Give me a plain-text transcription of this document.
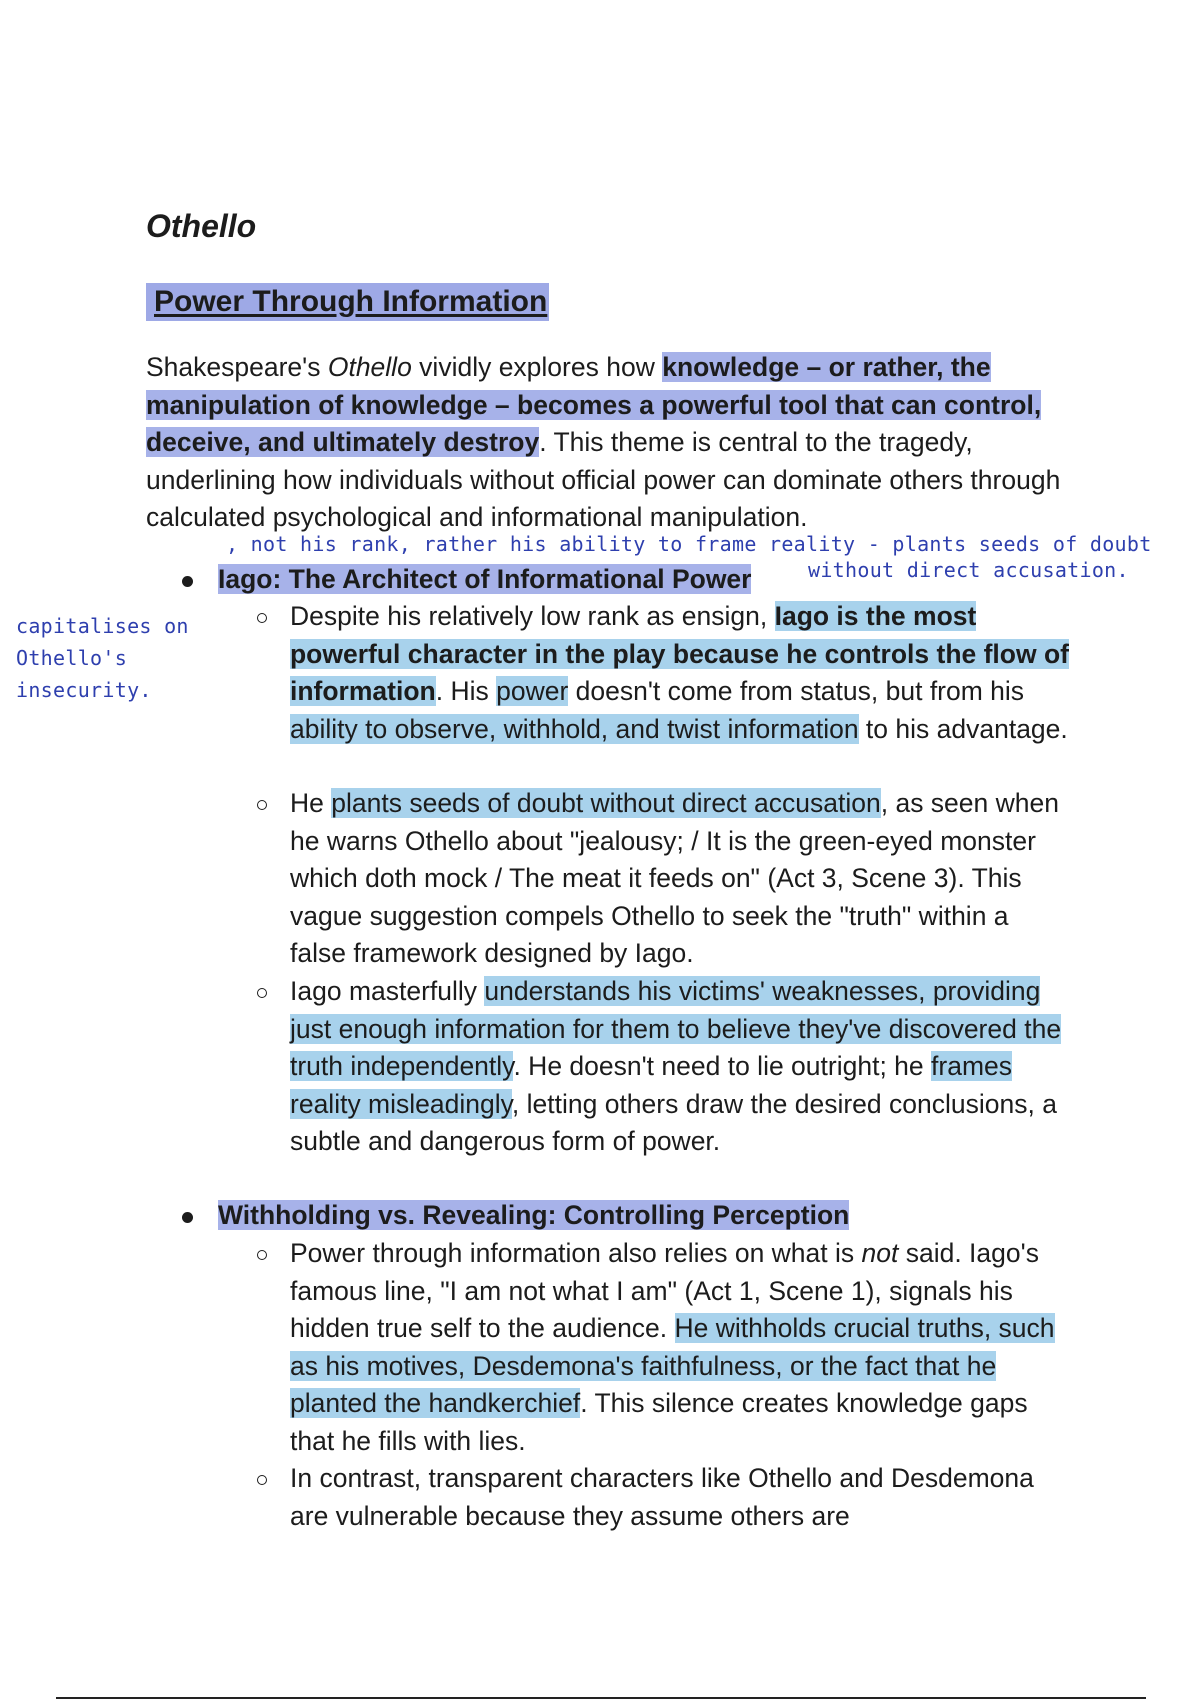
Othello
Power Through Information

Shakespeare's Othello vividly explores how knowledge – or rather, the manipulation of knowledge – becomes a powerful tool that can control, deceive, and ultimately destroy. This theme is central to the tragedy, underlining how individuals without official power can dominate others through calculated psychological and informational manipulation.

, not his rank, rather his ability to frame reality - plants seeds of doubt
without direct accusation.
capitalises on Othello's insecurity.
Iago: The Architect of Informational Power
Despite his relatively low rank as ensign, Iago is the most powerful character in the play because he controls the flow of information. His power doesn't come from status, but from his ability to observe, withhold, and twist information to his advantage.
He plants seeds of doubt without direct accusation, as seen when he warns Othello about "jealousy; / It is the green-eyed monster which doth mock / The meat it feeds on" (Act 3, Scene 3). This vague suggestion compels Othello to seek the "truth" within a false framework designed by Iago.
Iago masterfully understands his victims' weaknesses, providing just enough information for them to believe they've discovered the truth independently. He doesn't need to lie outright; he frames reality misleadingly, letting others draw the desired conclusions, a subtle and dangerous form of power.
Withholding vs. Revealing: Controlling Perception
Power through information also relies on what is not said. Iago's famous line, "I am not what I am" (Act 1, Scene 1), signals his hidden true self to the audience. He withholds crucial truths, such as his motives, Desdemona's faithfulness, or the fact that he planted the handkerchief. This silence creates knowledge gaps that he fills with lies.
In contrast, transparent characters like Othello and Desdemona are vulnerable because they assume others are
